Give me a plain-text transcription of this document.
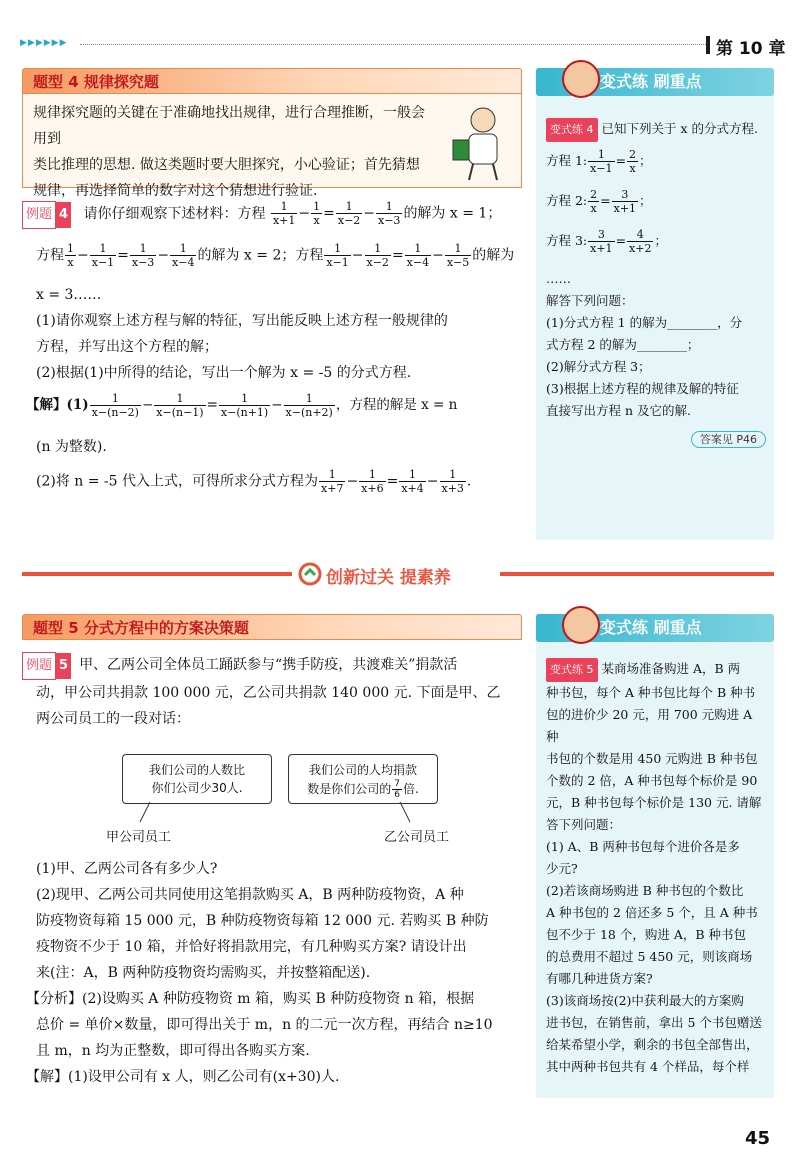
▶▶▶▶▶▶	第 10 章
题型 4 规律探究题
规律探究题的关键在于准确地找出规律，进行合理推断，一般会用到
类比推理的思想. 做这类题时要大胆探究，小心验证；首先猜想
规律，再选择简单的数字对这个猜想进行验证.
例题 4 请你仔细观察下述材料：方程 $\frac{1}{x+1} - \frac{1}{x} = \frac{1}{x-2} - \frac{1}{x-3}$ 的解为 x = 1；
方程 $\frac{1}{x} - \frac{1}{x-1} = \frac{1}{x-3} - \frac{1}{x-4}$ 的解为 x = 2；方程 $\frac{1}{x-1} - \frac{1}{x-2} = \frac{1}{x-4} - \frac{1}{x-5}$ 的解为
x = 3……
(1)请你观察上述方程与解的特征，写出能反映上述方程一般规律的
方程，并写出这个方程的解；
(2)根据(1)中所得的结论，写出一个解为 x = -5 的分式方程.
【解】$(1) \frac{1}{x-(n-2)} - \frac{1}{x-(n-1)} = \frac{1}{x-(n+1)} - \frac{1}{x-(n+2)}$ ，方程的解是 x = n
(n 为整数).
(2)将 n = -5 代入上式，可得所求分式方程为 $\frac{1}{x+7} - \frac{1}{x+6} = \frac{1}{x+4} - \frac{1}{x+3}$ .
变式练 刷重点
变式练 4 已知下列关于 x 的分式方程.
方程 1: $\frac{1}{x-1} = \frac{2}{x}$ ；
方程 2: $\frac{2}{x} = \frac{3}{x+1}$ ；
方程 3: $\frac{3}{x+1} = \frac{4}{x+2}$ ；
……
解答下列问题：
(1)分式方程 1 的解为________，分
式方程 2 的解为________；
(2)解分式方程 3；
(3)根据上述方程的规律及解的特征
直接写出方程 n 及它的解.
答案见 P46
创新过关 提素养
题型 5 分式方程中的方案决策题
例题 5 甲、乙两公司全体员工踊跃参与“携手防疫，共渡难关”捐款活
动，甲公司共捐款 100 000 元，乙公司共捐款 140 000 元. 下面是甲、乙
两公司员工的一段对话：
我们公司的人数比
你们公司少30人.
我们公司的人均捐款
数是你们公司的 $\frac{7}{6}$ 倍.
甲公司员工	乙公司员工
(1)甲、乙两公司各有多少人?
(2)现甲、乙两公司共同使用这笔捐款购买 A，B 两种防疫物资，A 种
防疫物资每箱 15 000 元，B 种防疫物资每箱 12 000 元. 若购买 B 种防
疫物资不少于 10 箱，并恰好将捐款用完，有几种购买方案? 请设计出
来(注：A，B 两种防疫物资均需购买，并按整箱配送).
【分析】(2)设购买 A 种防疫物资 m 箱，购买 B 种防疫物资 n 箱，根据
总价 = 单价×数量，即可得出关于 m，n 的二元一次方程，再结合 n≥10
且 m，n 均为正整数，即可得出各购买方案.
【解】(1)设甲公司有 x 人，则乙公司有(x+30)人.
变式练 刷重点
变式练 5 某商场准备购进 A，B 两
种书包，每个 A 种书包比每个 B 种书
包的进价少 20 元，用 700 元购进 A 种
书包的个数是用 450 元购进 B 种书包
个数的 2 倍，A 种书包每个标价是 90
元，B 种书包每个标价是 130 元. 请解
答下列问题：
(1) A、B 两种书包每个进价各是多
少元?
(2)若该商场购进 B 种书包的个数比
A 种书包的 2 倍还多 5 个，且 A 种书
包不少于 18 个，购进 A，B 种书包
的总费用不超过 5 450 元，则该商场
有哪几种进货方案?
(3)该商场按(2)中获利最大的方案购
进书包，在销售前，拿出 5 个书包赠送
给某希望小学，剩余的书包全部售出，
其中两种书包共有 4 个样品，每个样
45
